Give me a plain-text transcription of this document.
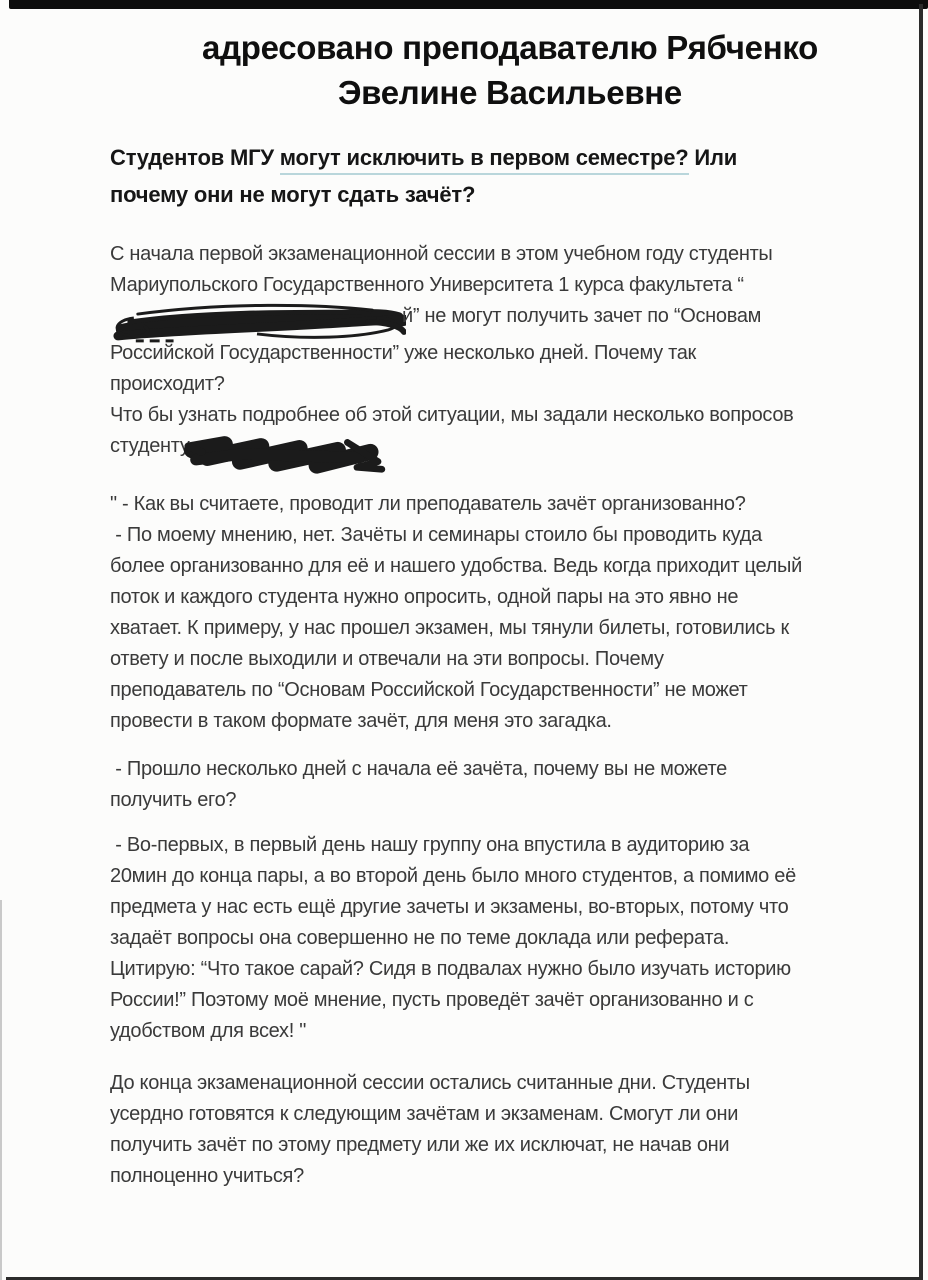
адресовано преподавателю Рябченко
Эвелине Васильевне
Студентов МГУ могут исключить в первом семестре? Или
почему они не могут сдать зачёт?

С начала первой экзаменационной сессии в этом учебном году студенты Мариупольского Государственного Университета 1 курса факультета “й” не могут получить зачет по “Основам Российской Государственности” уже несколько дней. Почему так происходит?
Что бы узнать подробнее об этой ситуации, мы задали несколько вопросов студенту

" - Как вы считаете, проводит ли преподаватель зачёт организованно?
- По моему мнению, нет. Зачёты и семинары стоило бы проводить куда более организованно для её и нашего удобства. Ведь когда приходит целый поток и каждого студента нужно опросить, одной пары на это явно не хватает. К примеру, у нас прошел экзамен, мы тянули билеты, готовились к ответу и после выходили и отвечали на эти вопросы. Почему преподаватель по “Основам Российской Государственности” не может провести в таком формате зачёт, для меня это загадка.

- Прошло несколько дней с начала её зачёта, почему вы не можете получить его?

- Во-первых, в первый день нашу группу она впустила в аудиторию за 20мин до конца пары, а во второй день было много студентов, а помимо её предмета у нас есть ещё другие зачеты и экзамены, во-вторых, потому что задаёт вопросы она совершенно не по теме доклада или реферата. Цитирую: “Что такое сарай? Сидя в подвалах нужно было изучать историю России!” Поэтому моё мнение, пусть проведёт зачёт организованно и с удобством для всех! "

До конца экзаменационной сессии остались считанные дни. Студенты усердно готовятся к следующим зачётам и экзаменам. Смогут ли они получить зачёт по этому предмету или же их исключат, не начав они полноценно учиться?
